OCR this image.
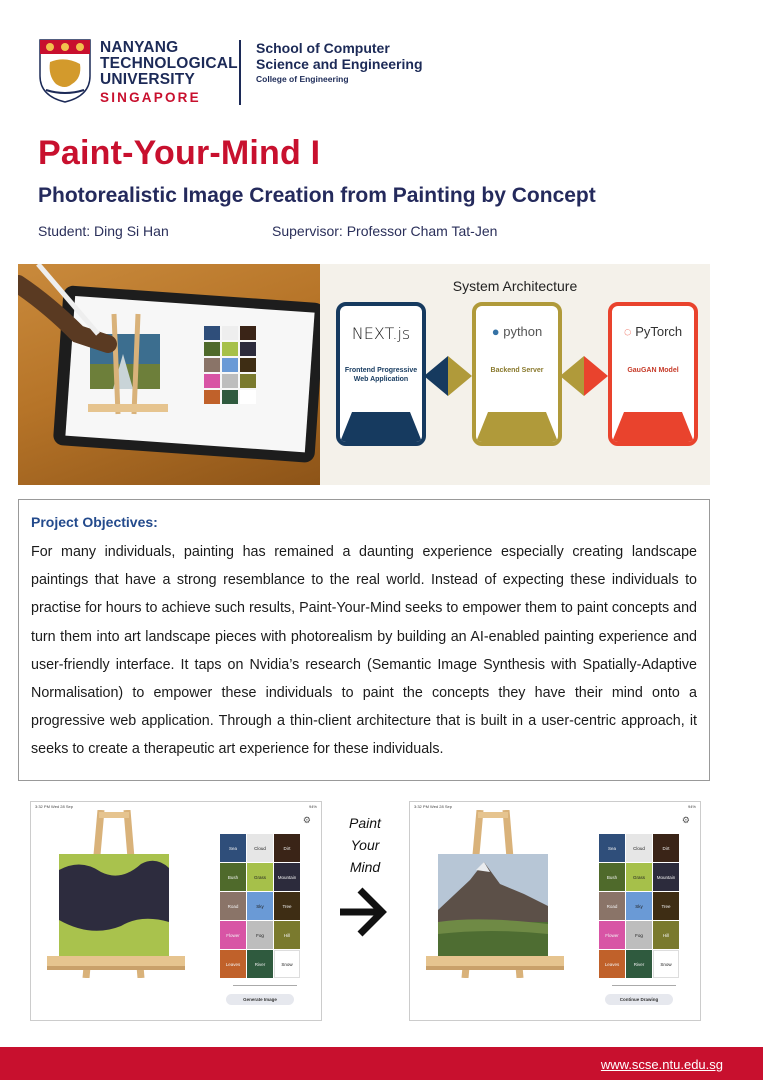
NANYANG
TECHNOLOGICAL
UNIVERSITY
SINGAPORE
School of Computer
Science and Engineering
College of Engineering
Paint-Your-Mind I
Photorealistic Image Creation from Painting by Concept
Student: Ding Si Han	Supervisor: Professor Cham Tat-Jen
System Architecture
NEXT.js
Frontend Progressive Web Application
● python
Backend Server
◌ PyTorch
GauGAN Model
Project Objectives:
For many individuals, painting has remained a daunting experience especially creating landscape paintings that have a strong resemblance to the real world. Instead of expecting these individuals to practise for hours to achieve such results, Paint-Your-Mind seeks to empower them to paint concepts and turn them into art landscape pieces with photorealism by building an AI-enabled painting experience and user-friendly interface. It taps on Nvidia’s research (Semantic Image Synthesis with Spatially-Adaptive Normalisation) to empower these individuals to paint the concepts they have their mind onto a progressive web application. Through a thin-client architecture that is built in a user-centric approach, it seeks to create a therapeutic art experience for these individuals.
3:32 PM Wed 28 Sep	94%
⚙
Sea	Cloud	Dirt
Bush	Grass	Mountain
Road	Sky	Tree
Flower	Fog	Hill
Leaves	River	Snow
Generate Image
Paint
Your
Mind
3:32 PM Wed 28 Sep	94%
⚙
Sea	Cloud	Dirt
Bush	Grass	Mountain
Road	Sky	Tree
Flower	Fog	Hill
Leaves	River	Snow
Continue Drawing
www.scse.ntu.edu.sg
